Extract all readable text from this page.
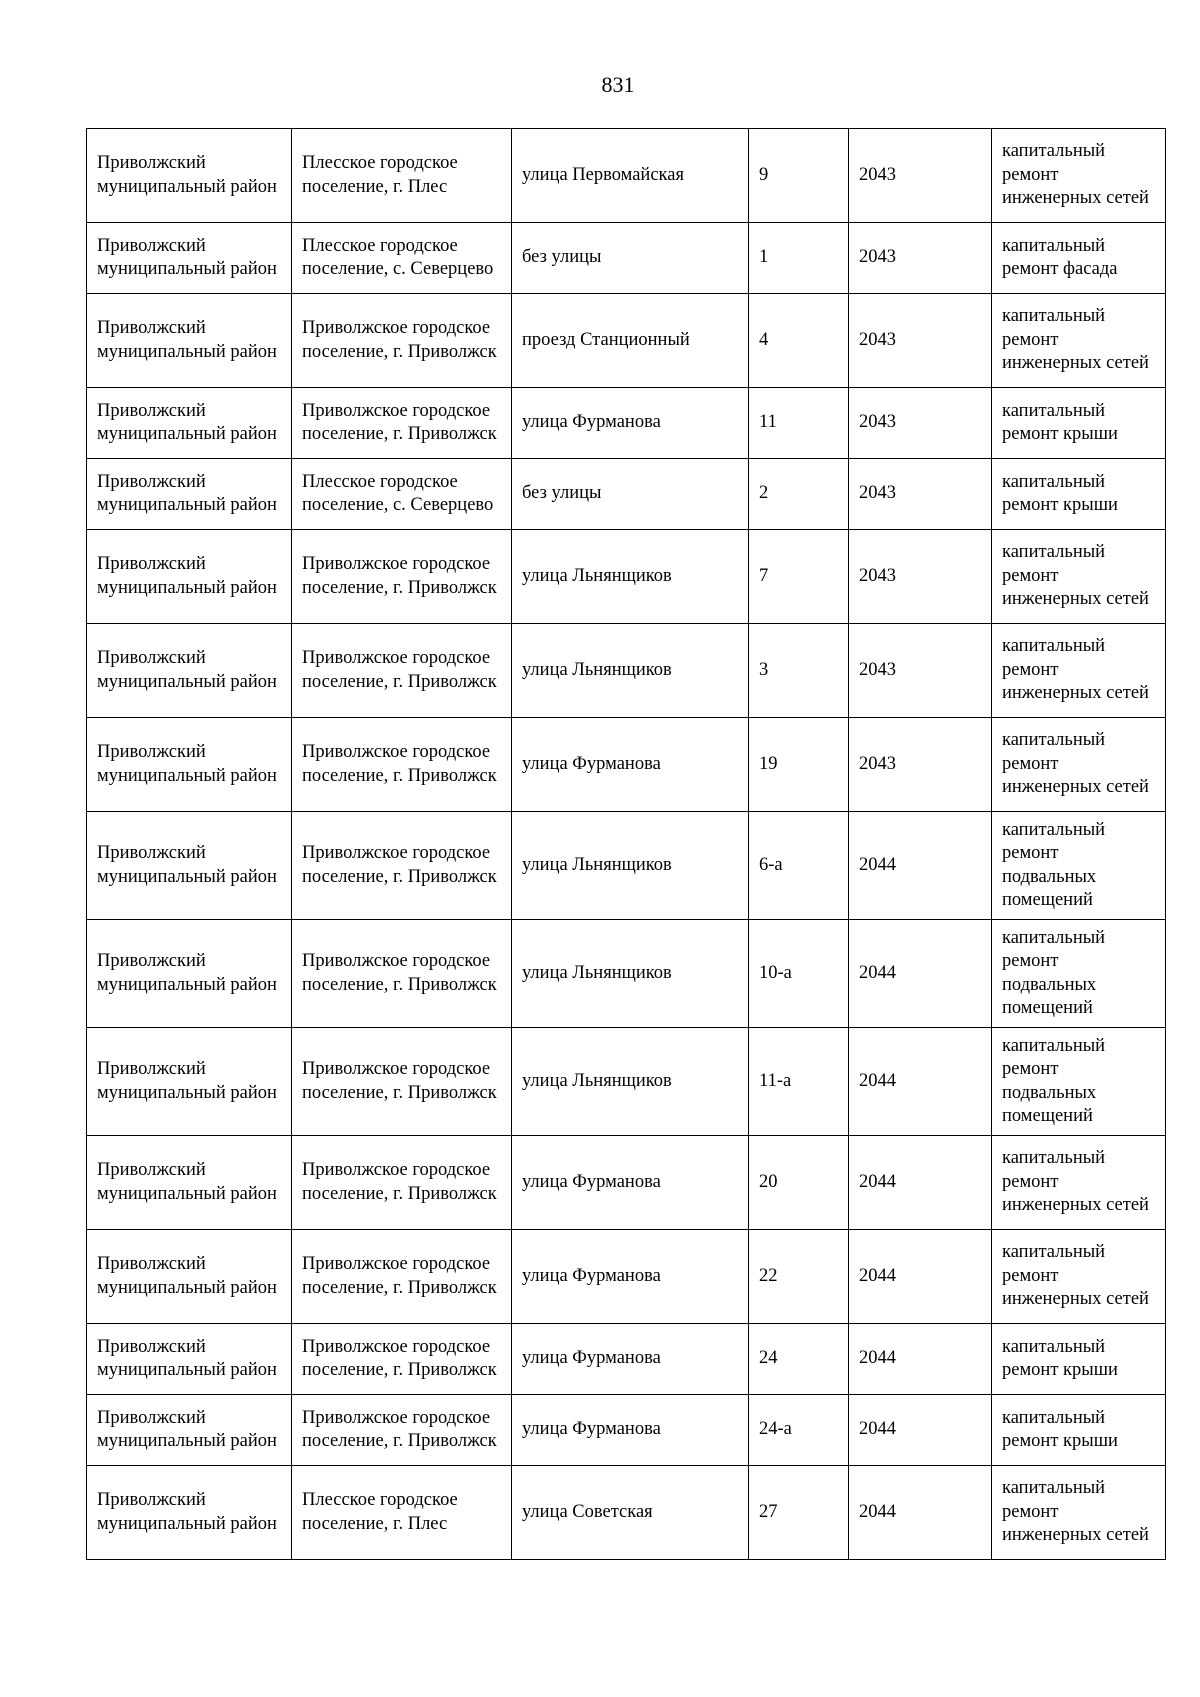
831
Приволжский муниципальный район	Плесское городское поселение, г. Плес	улица Первомайская	9	2043	капитальный ремонт инженерных сетей
Приволжский муниципальный район	Плесское городское поселение, с. Северцево	без улицы	1	2043	капитальный ремонт фасада
Приволжский муниципальный район	Приволжское городское поселение, г. Приволжск	проезд Станционный	4	2043	капитальный ремонт инженерных сетей
Приволжский муниципальный район	Приволжское городское поселение, г. Приволжск	улица Фурманова	11	2043	капитальный ремонт крыши
Приволжский муниципальный район	Плесское городское поселение, с. Северцево	без улицы	2	2043	капитальный ремонт крыши
Приволжский муниципальный район	Приволжское городское поселение, г. Приволжск	улица Льнянщиков	7	2043	капитальный ремонт инженерных сетей
Приволжский муниципальный район	Приволжское городское поселение, г. Приволжск	улица Льнянщиков	3	2043	капитальный ремонт инженерных сетей
Приволжский муниципальный район	Приволжское городское поселение, г. Приволжск	улица Фурманова	19	2043	капитальный ремонт инженерных сетей
Приволжский муниципальный район	Приволжское городское поселение, г. Приволжск	улица Льнянщиков	6-а	2044	капитальный ремонт подвальных помещений
Приволжский муниципальный район	Приволжское городское поселение, г. Приволжск	улица Льнянщиков	10-а	2044	капитальный ремонт подвальных помещений
Приволжский муниципальный район	Приволжское городское поселение, г. Приволжск	улица Льнянщиков	11-а	2044	капитальный ремонт подвальных помещений
Приволжский муниципальный район	Приволжское городское поселение, г. Приволжск	улица Фурманова	20	2044	капитальный ремонт инженерных сетей
Приволжский муниципальный район	Приволжское городское поселение, г. Приволжск	улица Фурманова	22	2044	капитальный ремонт инженерных сетей
Приволжский муниципальный район	Приволжское городское поселение, г. Приволжск	улица Фурманова	24	2044	капитальный ремонт крыши
Приволжский муниципальный район	Приволжское городское поселение, г. Приволжск	улица Фурманова	24-а	2044	капитальный ремонт крыши
Приволжский муниципальный район	Плесское городское поселение, г. Плес	улица Советская	27	2044	капитальный ремонт инженерных сетей
